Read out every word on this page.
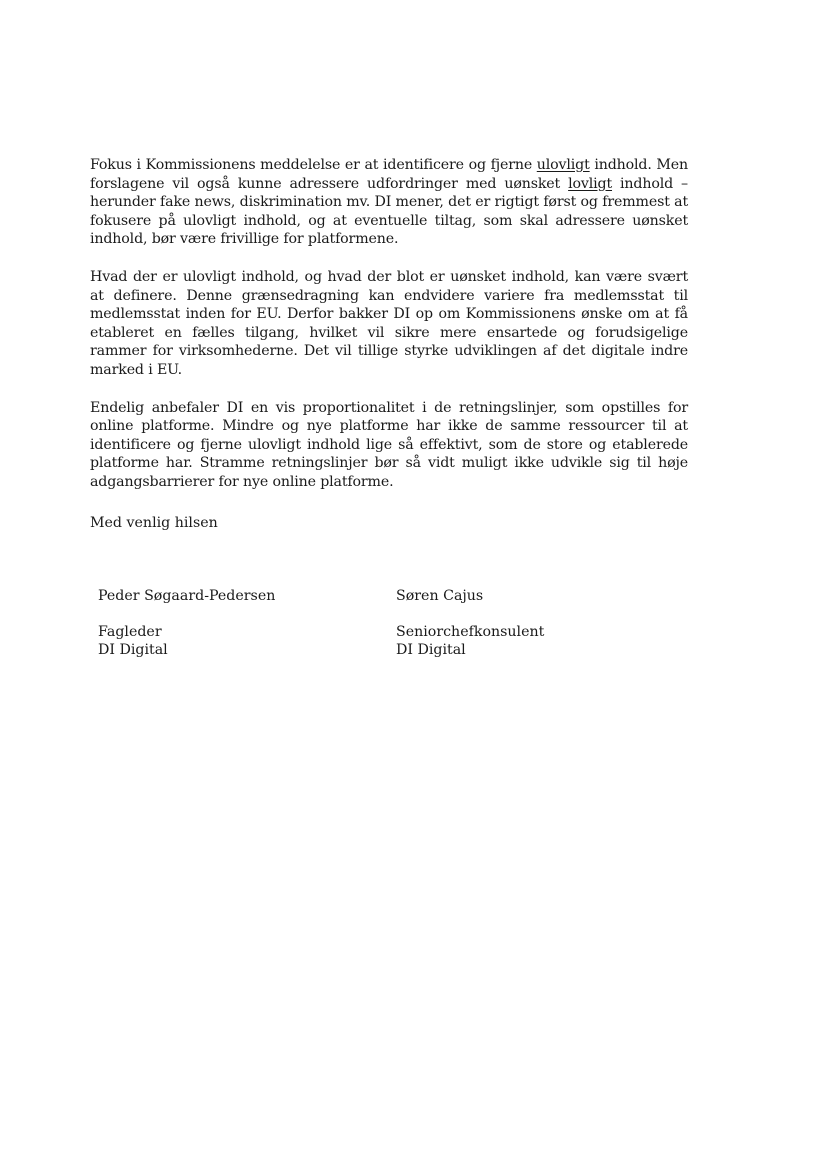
Fokus i Kommissionens meddelelse er at identificere og fjerne ulovligt indhold. Men forslagene vil også kunne adressere udfordringer med uønsket lovligt indhold – herunder fake news, diskrimination mv. DI mener, det er rigtigt først og fremmest at fokusere på ulovligt indhold, og at eventuelle tiltag, som skal adressere uønsket indhold, bør være frivillige for platformene.

Hvad der er ulovligt indhold, og hvad der blot er uønsket indhold, kan være svært at definere. Denne grænsedragning kan endvidere variere fra medlemsstat til medlemsstat inden for EU. Derfor bakker DI op om Kommissionens ønske om at få etableret en fælles tilgang, hvilket vil sikre mere ensartede og forudsigelige rammer for virksomhederne. Det vil tillige styrke udviklingen af det digitale indre marked i EU.

Endelig anbefaler DI en vis proportionalitet i de retningslinjer, som opstilles for online platforme. Mindre og nye platforme har ikke de samme ressourcer til at identificere og fjerne ulovligt indhold lige så effektivt, som de store og etablerede platforme har. Stramme retningslinjer bør så vidt muligt ikke udvikle sig til høje adgangsbarrierer for nye online platforme.

Med venlig hilsen

Peder Søgaard-Pedersen
Fagleder
DI Digital
Søren Cajus
Seniorchefkonsulent
DI Digital
